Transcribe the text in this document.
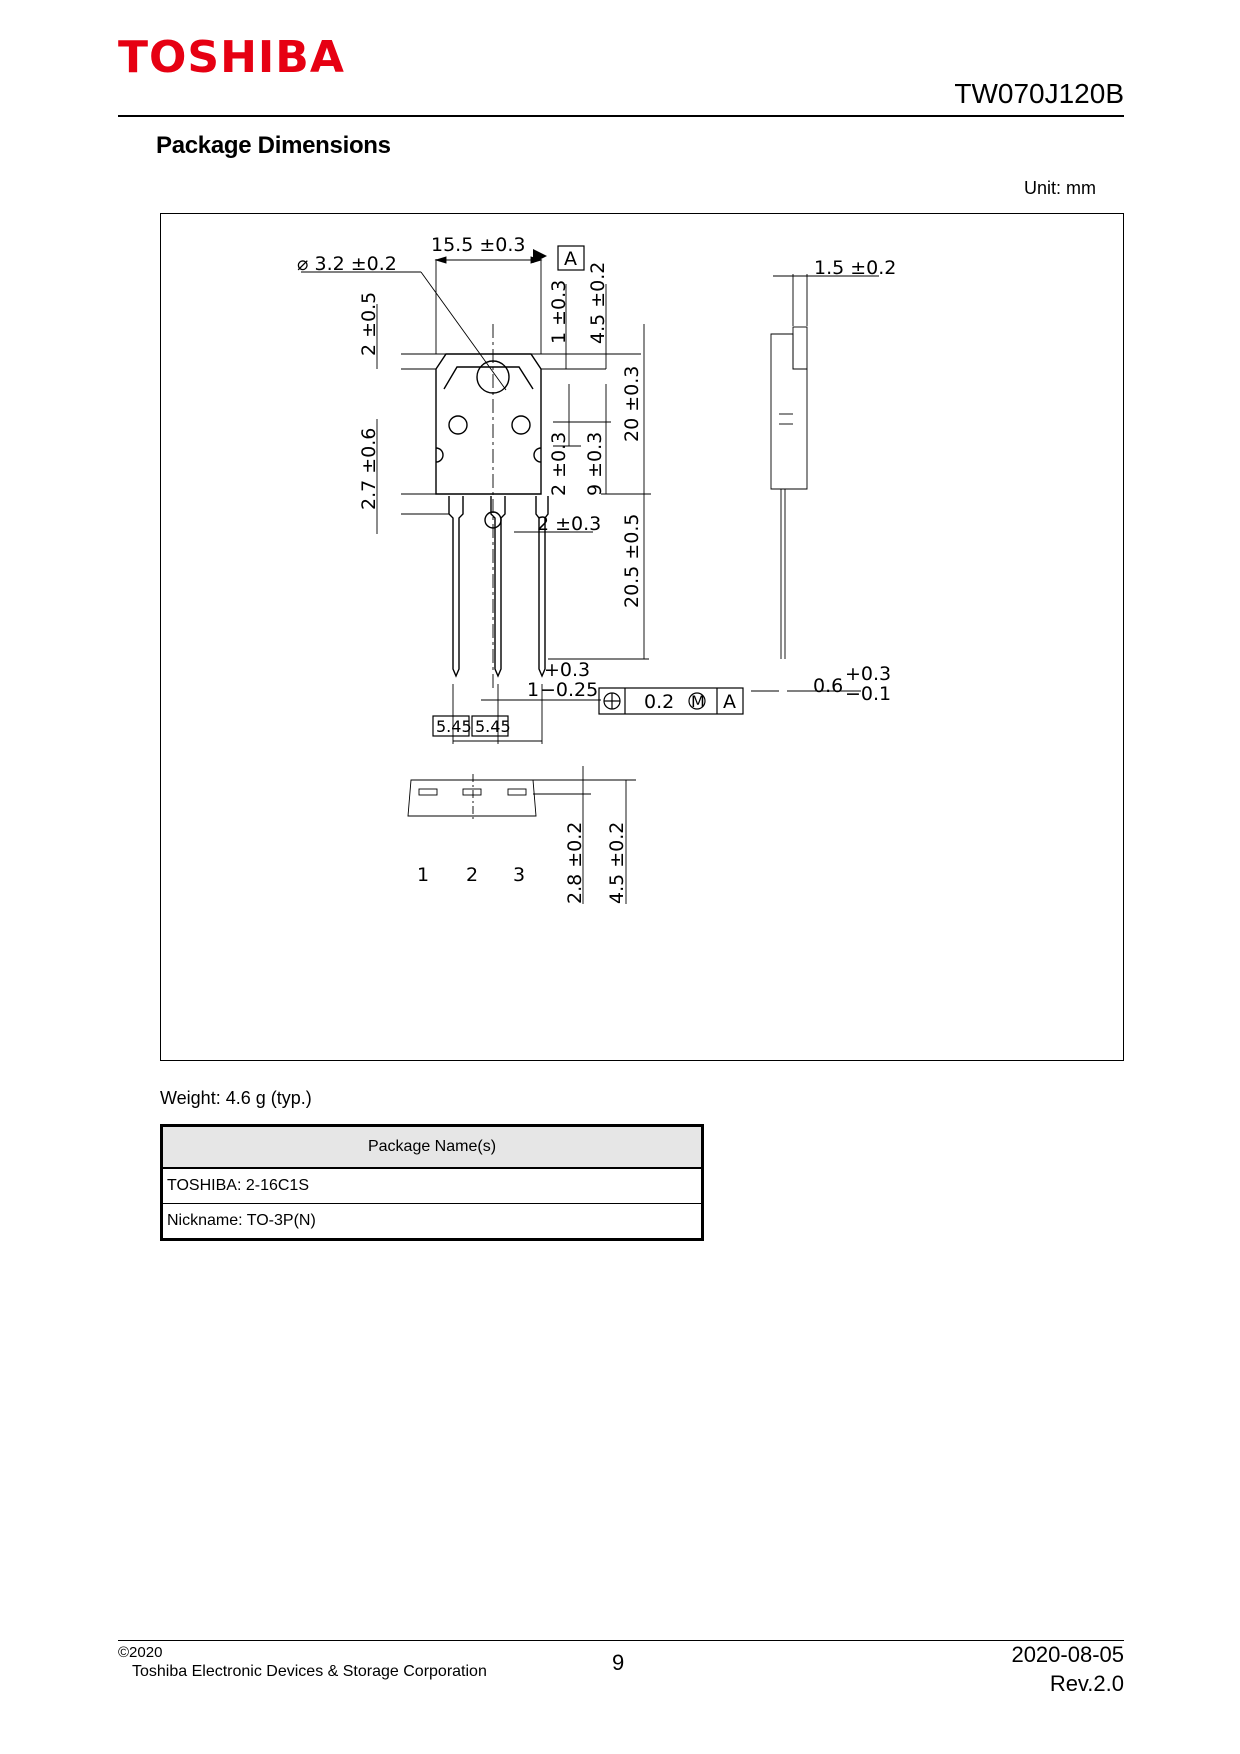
TOSHIBA
TW070J120B
Package Dimensions
Unit: mm
15.5 ±0.3
⌀ 3.2 ±0.2	A	1.5 ±0.2
1 ±0.3 4.5 ±0.2
2 ±0.5
20 ±0.3
2 ±0.3 9 ±0.3
2.7 ±0.6
2 ±0.3 20.5 ±0.5
+0.3
1 −0.25
0.2 M A
0.6
+0.3
−0.1
5.45 5.45
2.8 ±0.2 4.5 ±0.2
1 2 3
Weight: 4.6 g (typ.)
Package Name(s)
TOSHIBA: 2-16C1S
Nickname: TO-3P(N)
©2020
Toshiba Electronic Devices & Storage Corporation	9	2020-08-05
Rev.2.0
